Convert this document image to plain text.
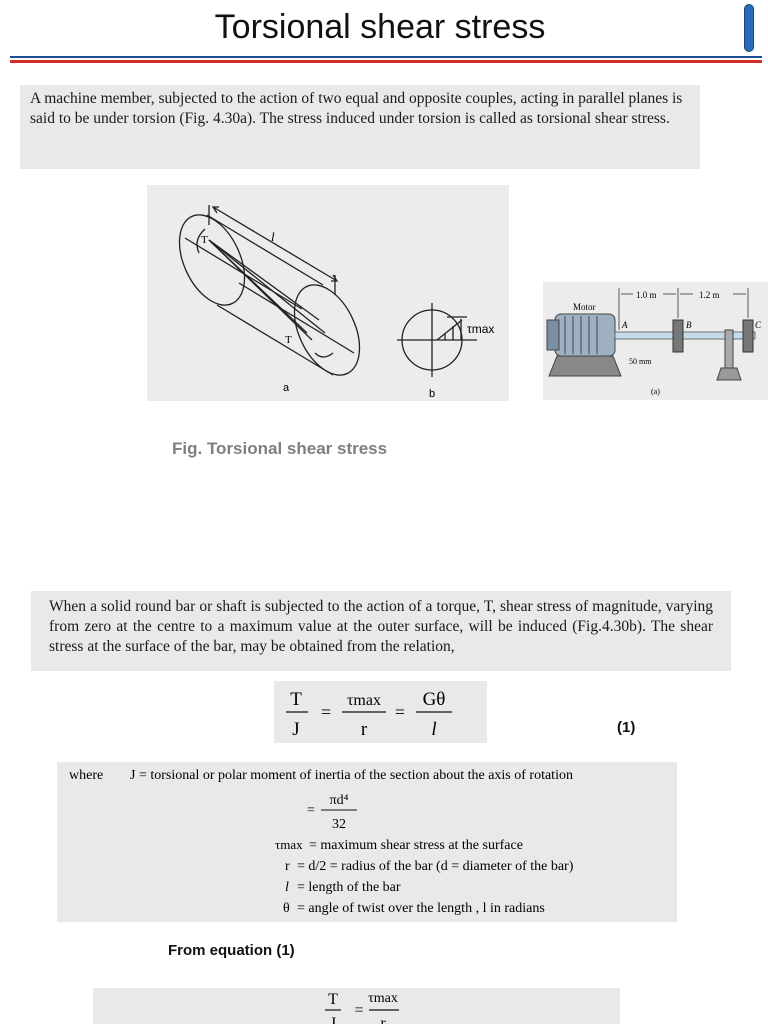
Torsional shear stress

A machine member, subjected to the action of two equal and opposite couples, acting in parallel planes is said to be under torsion (Fig. 4.30a). The stress induced under torsion is called as torsional shear stress.

T
T
l
τmax
a	b
1.0 m	1.2 m
Motor
A	B	C
50 mm
(a)
Fig. Torsional shear stress

When a solid round bar or shaft is subjected to the action of a torque, T, shear stress of magnitude, varying from zero at the centre to a maximum value at the outer surface, will be induced (Fig.4.30b). The shear stress at the surface of the bar, may be obtained from the relation,

T
J
=
τmax
r
=
Gθ
l	(1)
where J = torsional or polar moment of inertia of the section about the axis of rotation
=
πd⁴
32
τmax = maximum shear stress at the surface
r = d/2 = radius of the bar (d = diameter of the bar)
l = length of the bar
θ = angle of twist over the length , l in radians
From equation (1)
T
J
=
τmax
r
